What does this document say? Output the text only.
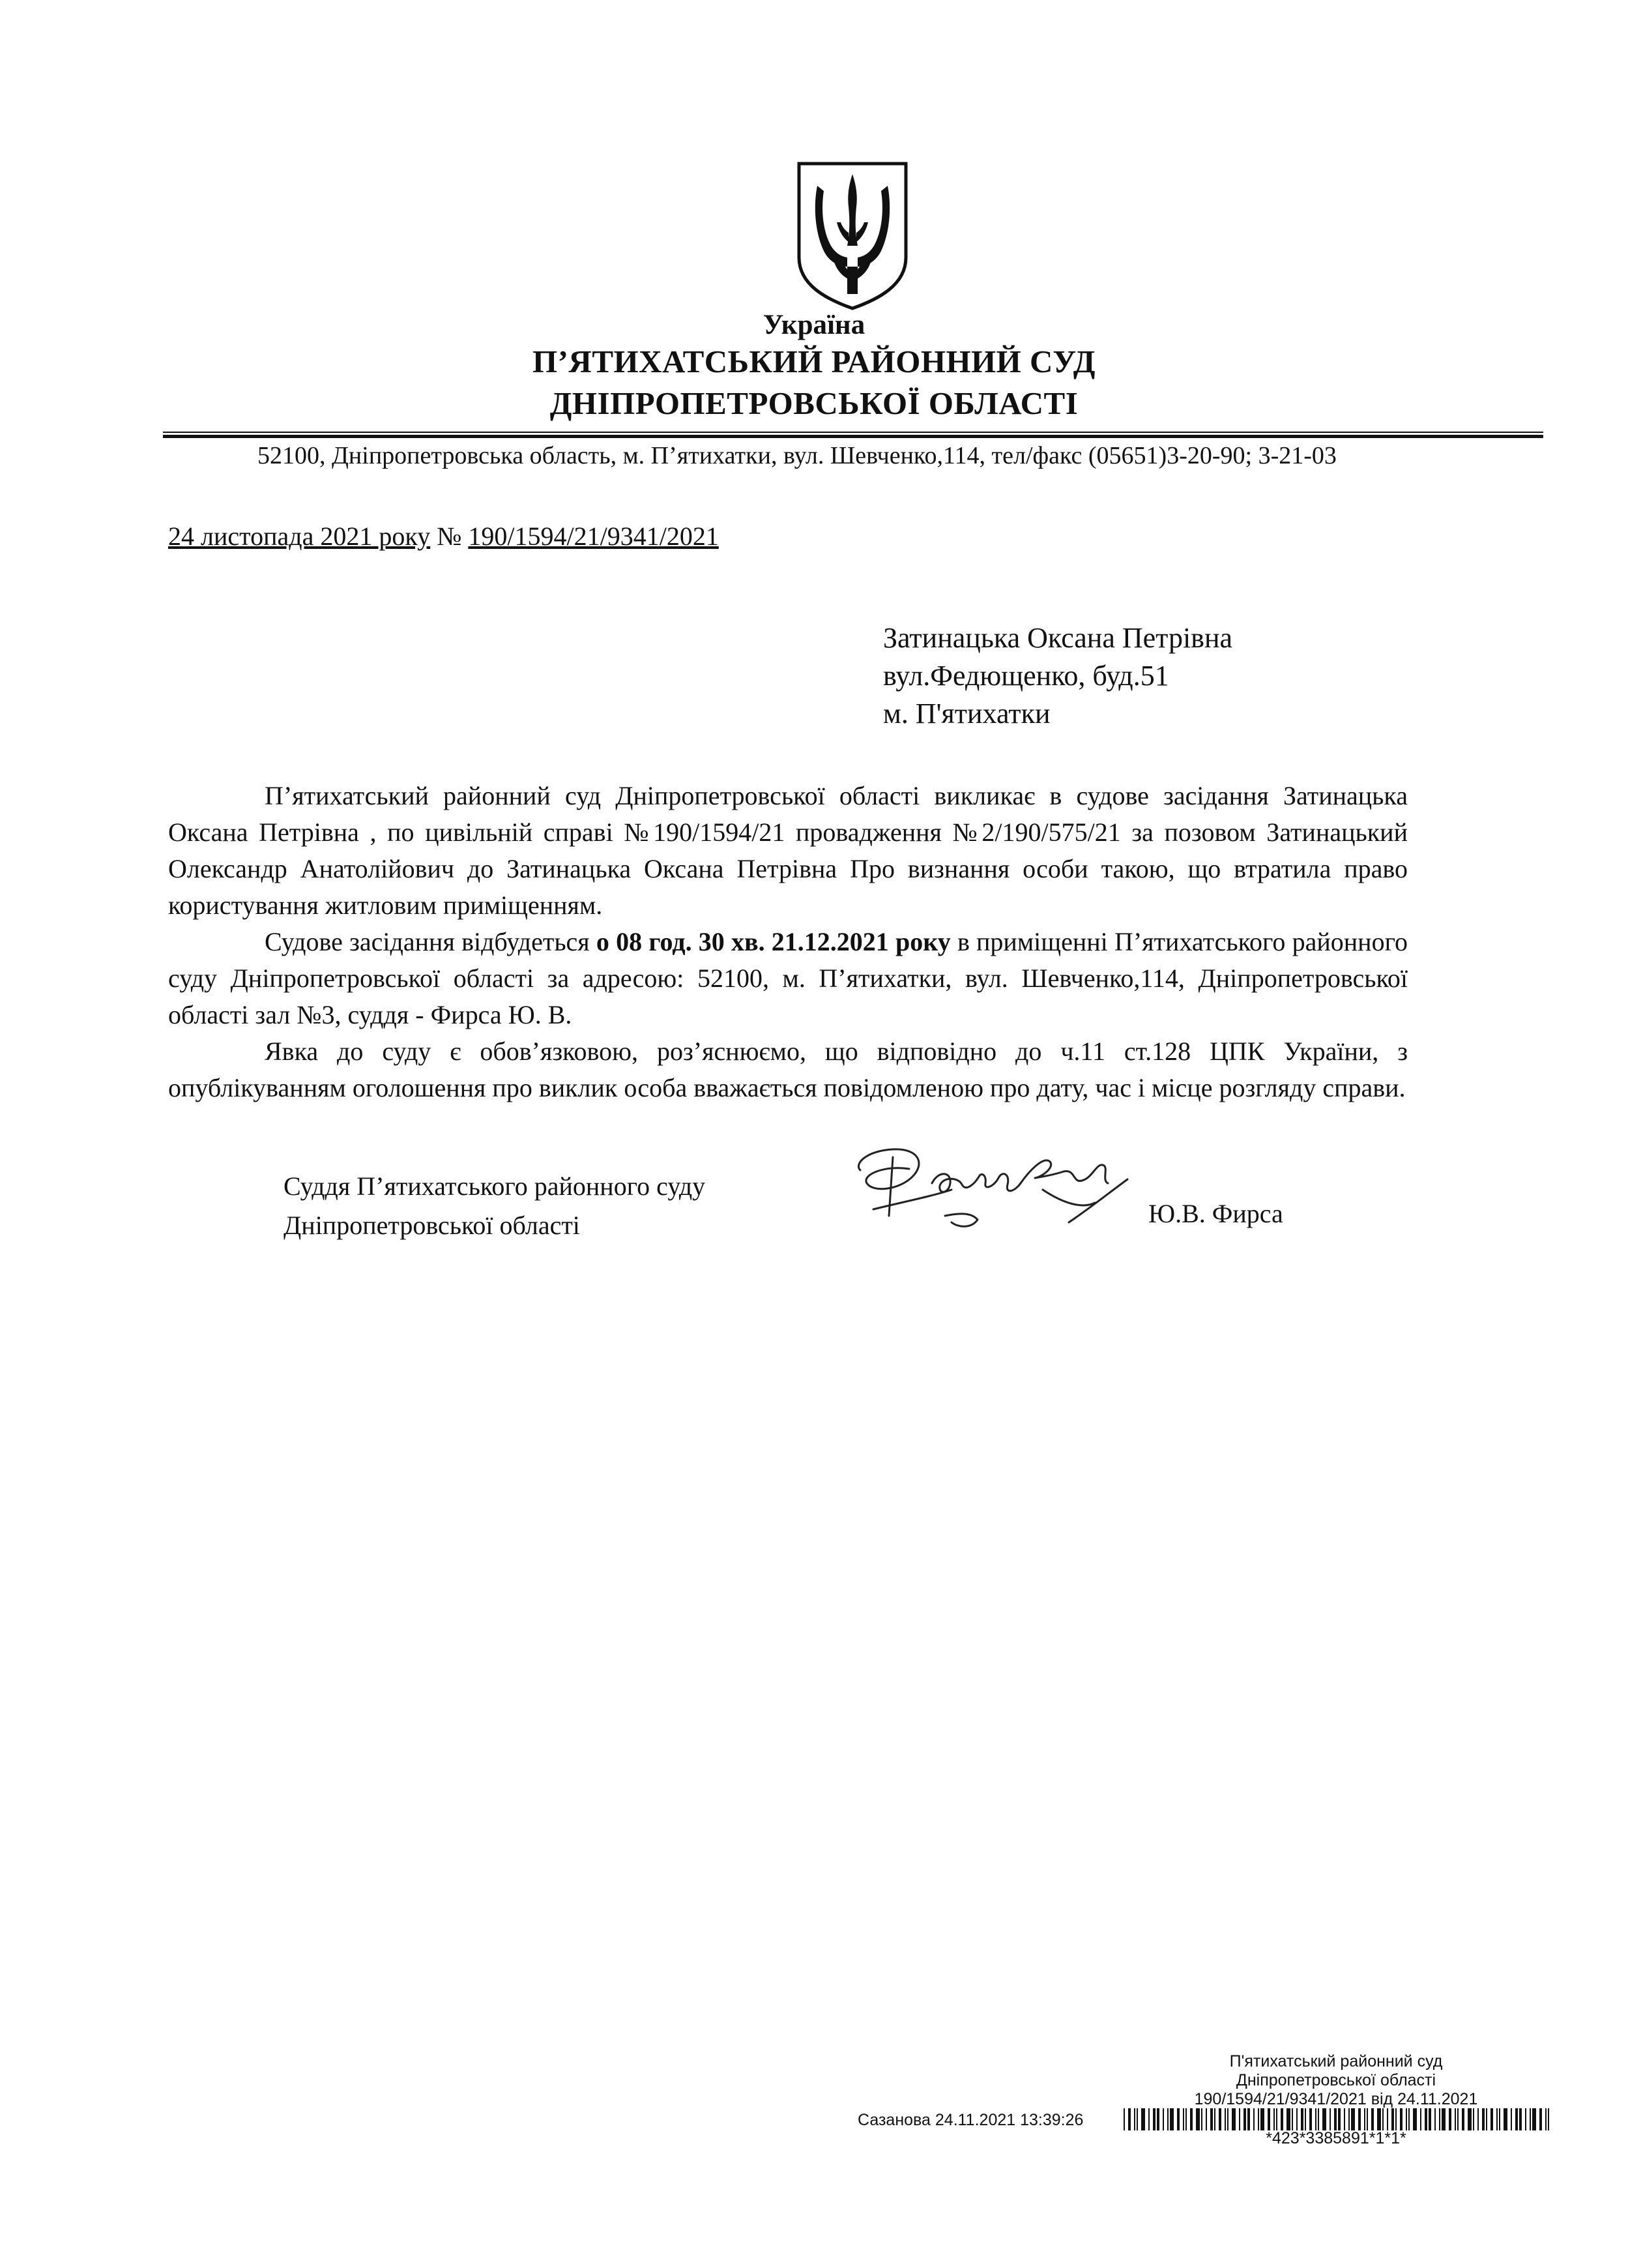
Україна
П’ЯТИХАТСЬКИЙ РАЙОННИЙ СУД
ДНІПРОПЕТРОВСЬКОЇ ОБЛАСТІ
52100, Дніпропетровська область, м. П’ятихатки, вул. Шевченко,114, тел/факс (05651)3-20-90; 3-21-03
24 листопада 2021 року № 190/1594/21/9341/2021
Затинацька Оксана Петрівна
вул.Федющенко, буд.51
м. П'ятихатки

П’ятихатський районний суд Дніпропетровської області викликає в судове засідання Затинацька Оксана Петрівна , по цивільній справі №190/1594/21 провадження №2/190/575/21 за позовом Затинацький Олександр Анатолійович до Затинацька Оксана Петрівна Про визнання особи такою, що втратила право користування житловим приміщенням.

Судове засідання відбудеться о 08 год. 30 хв. 21.12.2021 року в приміщенні П’ятихатського районного суду Дніпропетровської області за адресою: 52100, м. П’ятихатки, вул. Шевченко,114, Дніпропетровської області зал №3, суддя - Фирса Ю. В.

Явка до суду є обов’язковою, роз’яснюємо, що відповідно до ч.11 ст.128 ЦПК України, з опублікуванням оголошення про виклик особа вважається повідомленою про дату, час і місце розгляду справи.

Суддя П’ятихатського районного суду
Дніпропетровської області	Ю.В. Фирса
П'ятихатський районний суд
Дніпропетровської області
190/1594/21/9341/2021 від 24.11.2021
Сазанова 24.11.2021 13:39:26
*423*3385891*1*1*
